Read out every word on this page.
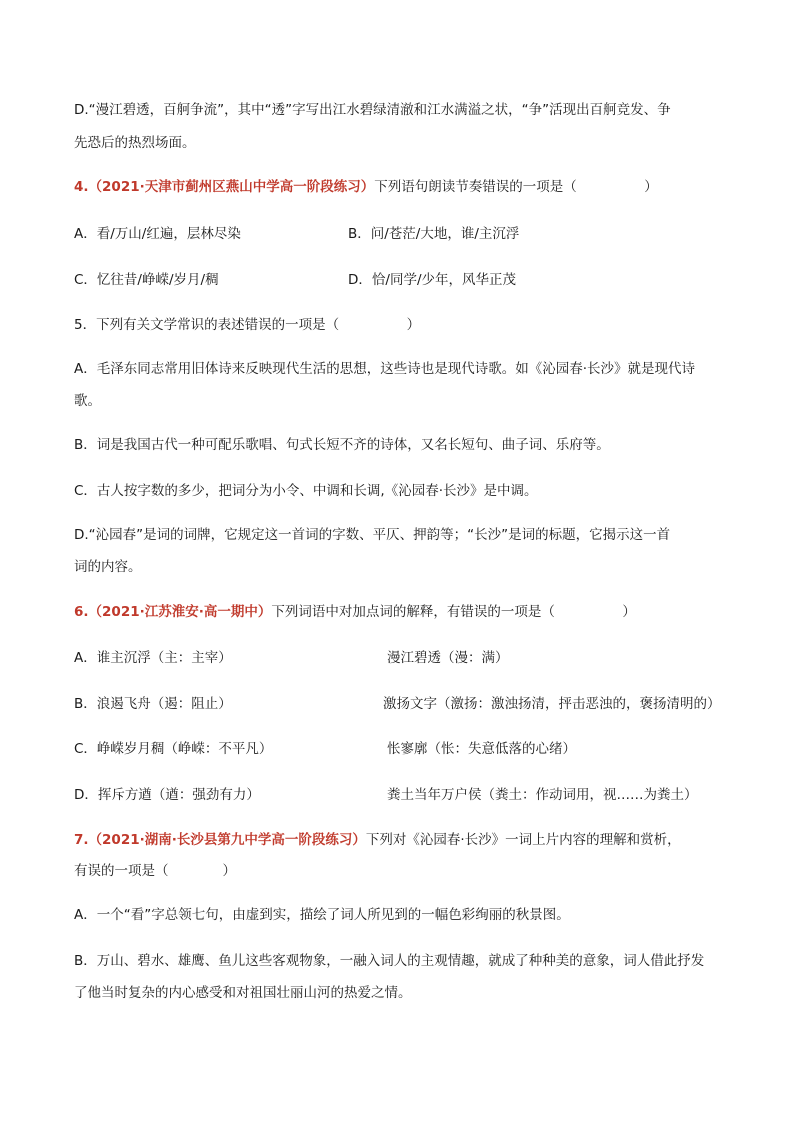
D.“漫江碧透，百舸争流”，其中“透”字写出江水碧绿清澈和江水满溢之状，“争”活现出百舸竞发、争
先恐后的热烈场面。
4.（2021·天津市蓟州区燕山中学高一阶段练习）下列语句朗读节奏错误的一项是（　　　　　）
A．看/万山/红遍，层林尽染	B．问/苍茫/大地，谁/主沉浮
C．忆往昔/峥嵘/岁月/稠	D．恰/同学/少年，风华正茂
5．下列有关文学常识的表述错误的一项是（　　　　　）
A．毛泽东同志常用旧体诗来反映现代生活的思想，这些诗也是现代诗歌。如《沁园春·长沙》就是现代诗
歌。
B．词是我国古代一种可配乐歌唱、句式长短不齐的诗体，又名长短句、曲子词、乐府等。
C．古人按字数的多少，把词分为小令、中调和长调,《沁园春·长沙》是中调。
D.“沁园春”是词的词牌，它规定这一首词的字数、平仄、押韵等；“长沙”是词的标题，它揭示这一首
词的内容。
6.（2021·江苏淮安·高一期中）下列词语中对加点词的解释，有错误的一项是（　　　　　）
A．谁主沉浮（主：主宰）	漫江碧透（漫：满）
B．浪遏飞舟（遏：阻止）	激扬文字（激扬：激浊扬清，抨击恶浊的，褒扬清明的）
C．峥嵘岁月稠（峥嵘：不平凡）	怅寥廓（怅：失意低落的心绪）
D．挥斥方遒（遒：强劲有力）	粪土当年万户侯（粪土：作动词用，视……为粪土）
7.（2021·湖南·长沙县第九中学高一阶段练习）下列对《沁园春·长沙》一词上片内容的理解和赏析，
有误的一项是（　　　　）
A．一个“看”字总领七句，由虚到实，描绘了词人所见到的一幅色彩绚丽的秋景图。
B．万山、碧水、雄鹰、鱼儿这些客观物象，一融入词人的主观情趣，就成了种种美的意象，词人借此抒发
了他当时复杂的内心感受和对祖国壮丽山河的热爱之情。
